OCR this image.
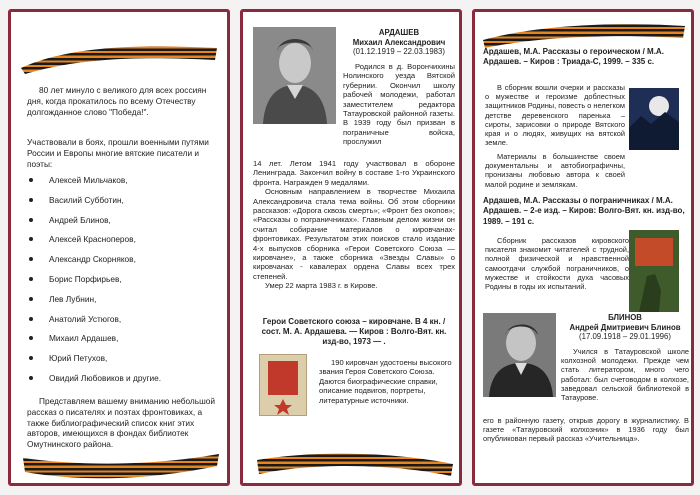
80 лет минуло с великого для всех россиян дня, когда прокатилось по всему Отечеству долгожданное слово "Победа!".
Участвовали в боях, прошли военными путями России и Европы многие вятские писатели и поэты:
Алексей Мильчаков,
Василий Субботин,
Андрей Блинов,
Алексей Красноперов,
Александр Скорняков,
Борис Порфирьев,
Лев Лубнин,
Анатолий Устюгов,
Михаил Ардашев,
Юрий Петухов,
Овидий Любовиков и другие.
Представляем вашему вниманию небольшой рассказ о писателях и поэтах фронтовиках, а также библиографический список книг этих авторов, имеющихся в фондах библиотек Омутнинского района.
АРДАШЕВ
Михаил Александрович
(01.12.1919 – 22.03.1983)
Родился в д. Ворончихины Нолинского уезда Вятской губернии. Окончил школу рабочей молодежи, работал заместителем редактора Татауровской районной газеты. В 1939 году был призван в пограничные войска, прослужил
14 лет. Летом 1941 году участвовал в обороне Ленинграда. Закончил войну в составе 1-го Украинского фронта. Награжден 9 медалями.
Основным направлением в творчестве Михаила Александровича стала тема войны. Об этом сборники рассказов: «Дорога сквозь смерть»; «Фронт без окопов»; «Рассказы о пограничниках». Главным делом жизни он считал собирание материалов о кировчанах- фронтовиках. Результатом этих поисков стало издание 4-х выпусков сборника «Герои Советского Союза — кировчане», а также сборника «Звезды Славы» о кировчанах - кавалерах ордена Славы всех трех степеней.
Умер 22 марта 1983 г. в Кирове.
Герои Советского союза – кировчане. В 4 кн. / сост. М. А. Ардашева. — Киров : Волго-Вят. кн. изд-во, 1973 — .
190 кировчан удостоены высокого звания Героя Советского Союза. Даются биографические справки, описание подвигов, портреты, литературные источники.
Ардашев, М.А. Рассказы о героическом / М.А. Ардашев. – Киров : Триада-С, 1999. – 335 с.
В сборник вошли очерки и рассказы о мужестве и героизме доблестных защитников Родины, повесть о нелегком детстве деревенского паренька – сироты, зарисовки о природе Вятского края и о людях, живущих на вятской земле.
Материалы в большинстве своем документальны и автобиографичны, пронизаны любовью автора к своей малой родине и землякам.
Ардашев, М.А. Рассказы о пограничниках / М.А. Ардашев. – 2-е изд. – Киров: Волго-Вят. кн. изд-во, 1989. – 191 с.
Сборник рассказов кировского писателя знакомит читателей с трудной, полной физической и нравственной самоотдачи службой пограничников, о мужестве и стойкости духа часовых Родины в годы их испытаний.
БЛИНОВ
Андрей Дмитриевич Блинов
(17.09.1918 – 29.01.1996)
Учился в Татауровской школе колхозной молодежи. Прежде чем стать литератором, много чего работал: был счетоводом в колхозе, заведовал сельской библиотекой в Татаурове.
его в районную газету, открыв дорогу в журналистику. В газете «Татауровский колхозник» в 1936 году был опубликован первый рассказ «Учительница».
